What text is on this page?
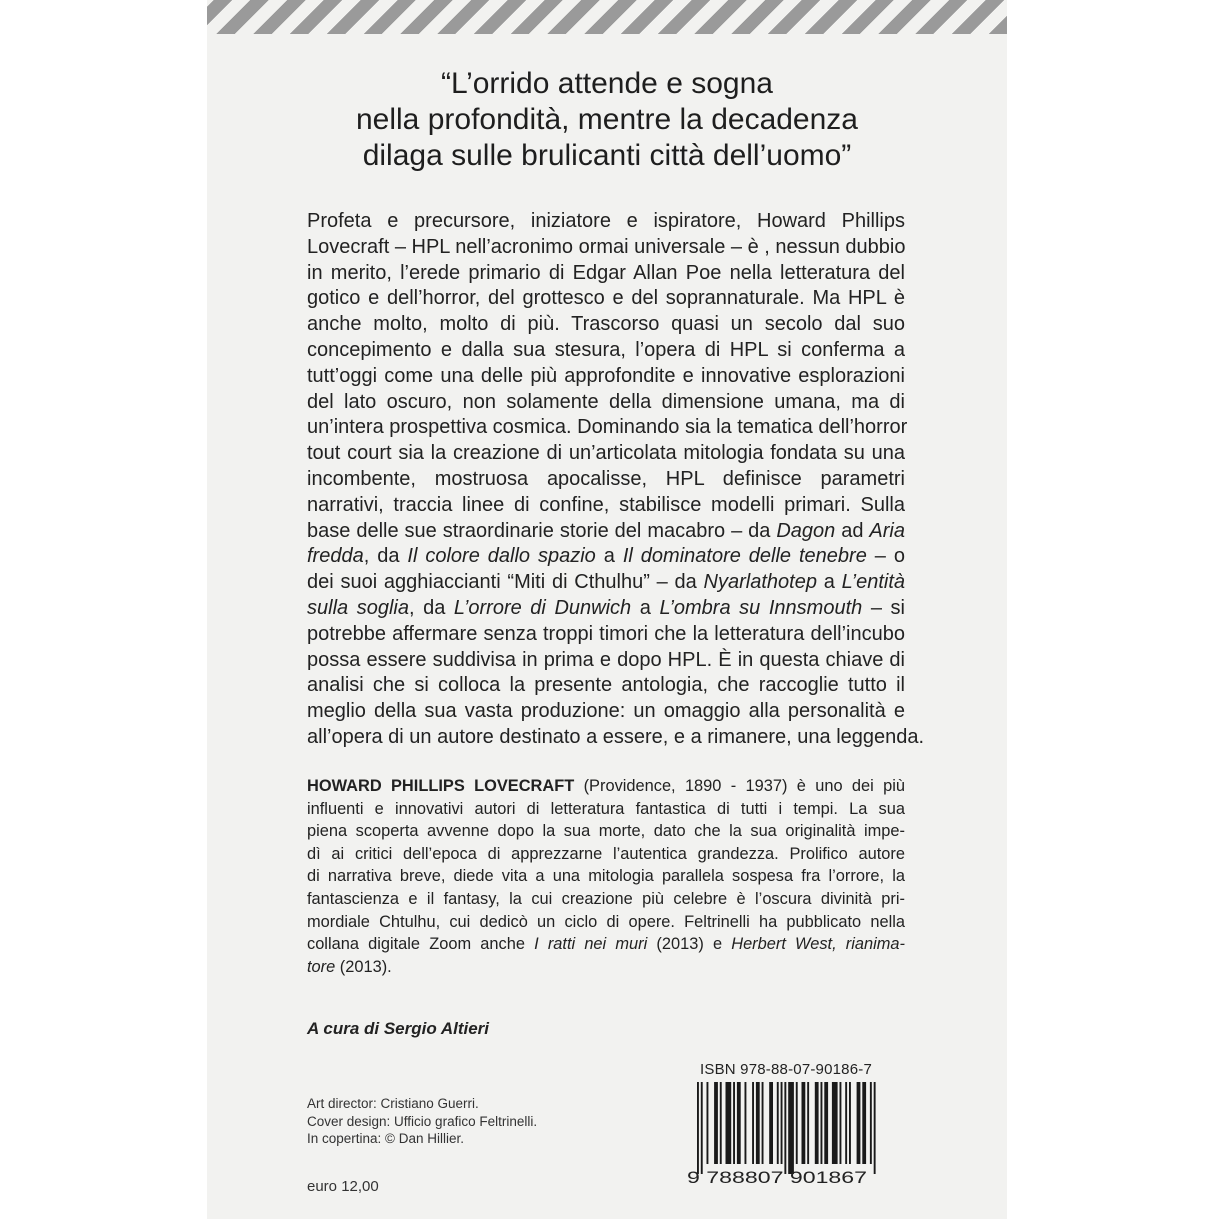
“L’orrido attende e sogna
nella profondità, mentre la decadenza
dilaga sulle brulicanti città dell’uomo”
Profeta e precursore, iniziatore e ispiratore, Howard Phillips
Lovecraft – HPL nell’acronimo ormai universale – è , nessun dubbio
in merito, l’erede primario di Edgar Allan Poe nella letteratura del
gotico e dell’horror, del grottesco e del soprannaturale. Ma HPL è
anche molto, molto di più. Trascorso quasi un secolo dal suo
concepimento e dalla sua stesura, l’opera di HPL si conferma a
tutt’oggi come una delle più approfondite e innovative esplorazioni
del lato oscuro, non solamente della dimensione umana, ma di
un’intera prospettiva cosmica. Dominando sia la tematica dell’horror
tout court sia la creazione di un’articolata mitologia fondata su una
incombente, mostruosa apocalisse, HPL definisce parametri
narrativi, traccia linee di confine, stabilisce modelli primari. Sulla
base delle sue straordinarie storie del macabro – da Dagon ad Aria
fredda, da Il colore dallo spazio a Il dominatore delle tenebre – o
dei suoi agghiaccianti “Miti di Cthulhu” – da Nyarlathotep a L’entità
sulla soglia, da L’orrore di Dunwich a L’ombra su Innsmouth – si
potrebbe affermare senza troppi timori che la letteratura dell’incubo
possa essere suddivisa in prima e dopo HPL. È in questa chiave di
analisi che si colloca la presente antologia, che raccoglie tutto il
meglio della sua vasta produzione: un omaggio alla personalità e
all’opera di un autore destinato a essere, e a rimanere, una leggenda.
HOWARD PHILLIPS LOVECRAFT (Providence, 1890 - 1937) è uno dei più
influenti e innovativi autori di letteratura fantastica di tutti i tempi. La sua
piena scoperta avvenne dopo la sua morte, dato che la sua originalità impe-
dì ai critici dell’epoca di apprezzarne l’autentica grandezza. Prolifico autore
di narrativa breve, diede vita a una mitologia parallela sospesa fra l’orrore, la
fantascienza e il fantasy, la cui creazione più celebre è l’oscura divinità pri-
mordiale Chtulhu, cui dedicò un ciclo di opere. Feltrinelli ha pubblicato nella
collana digitale Zoom anche I ratti nei muri (2013) e Herbert West, rianima-
tore (2013).
A cura di Sergio Altieri
ISBN 978-88-07-90186-7
9 788807 901867
Art director: Cristiano Guerri.
Cover design: Ufficio grafico Feltrinelli.
In copertina: © Dan Hillier.
euro 12,00
